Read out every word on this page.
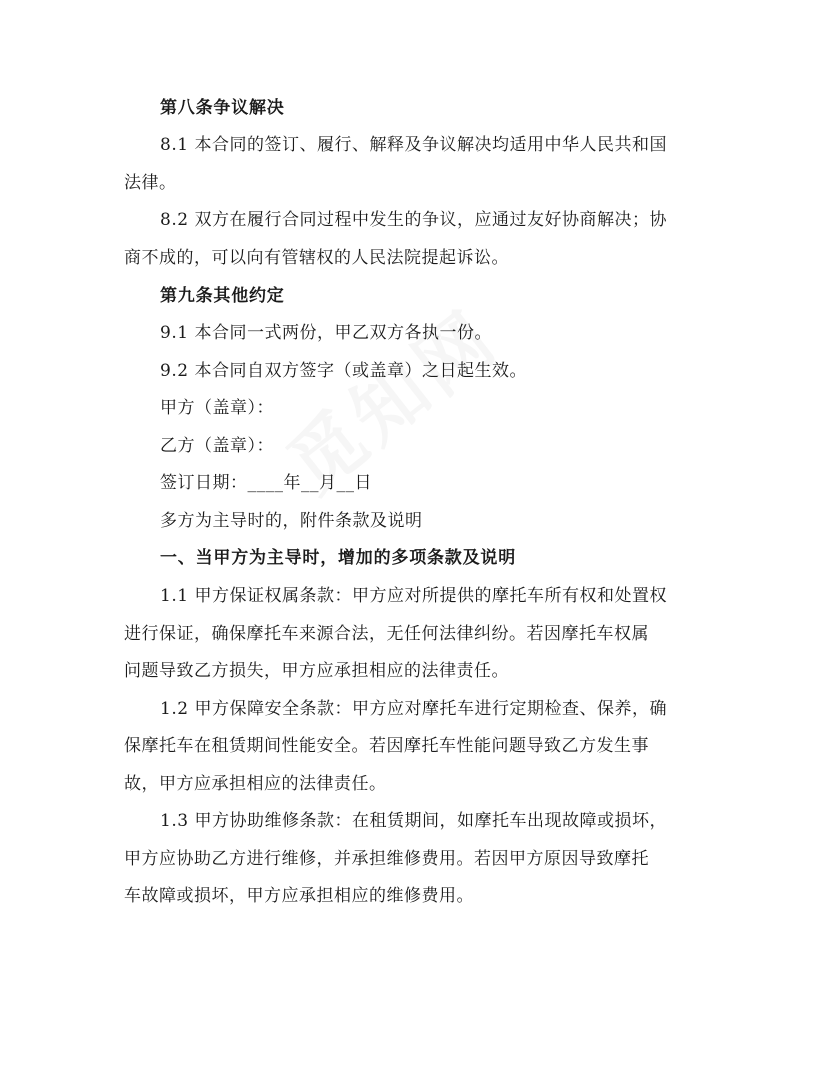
第八条争议解决
8.1 本合同的签订、履行、解释及争议解决均适用中华人民共和国
法律。
8.2 双方在履行合同过程中发生的争议，应通过友好协商解决；协
商不成的，可以向有管辖权的人民法院提起诉讼。
第九条其他约定
9.1 本合同一式两份，甲乙双方各执一份。
9.2 本合同自双方签字（或盖章）之日起生效。
甲方（盖章）：
乙方（盖章）：
签订日期：____年__月__日
多方为主导时的，附件条款及说明
一、当甲方为主导时，增加的多项条款及说明
1.1 甲方保证权属条款：甲方应对所提供的摩托车所有权和处置权
进行保证，确保摩托车来源合法，无任何法律纠纷。若因摩托车权属
问题导致乙方损失，甲方应承担相应的法律责任。
1.2 甲方保障安全条款：甲方应对摩托车进行定期检查、保养，确
保摩托车在租赁期间性能安全。若因摩托车性能问题导致乙方发生事
故，甲方应承担相应的法律责任。
1.3 甲方协助维修条款：在租赁期间，如摩托车出现故障或损坏，
甲方应协助乙方进行维修，并承担维修费用。若因甲方原因导致摩托
车故障或损坏，甲方应承担相应的维修费用。
